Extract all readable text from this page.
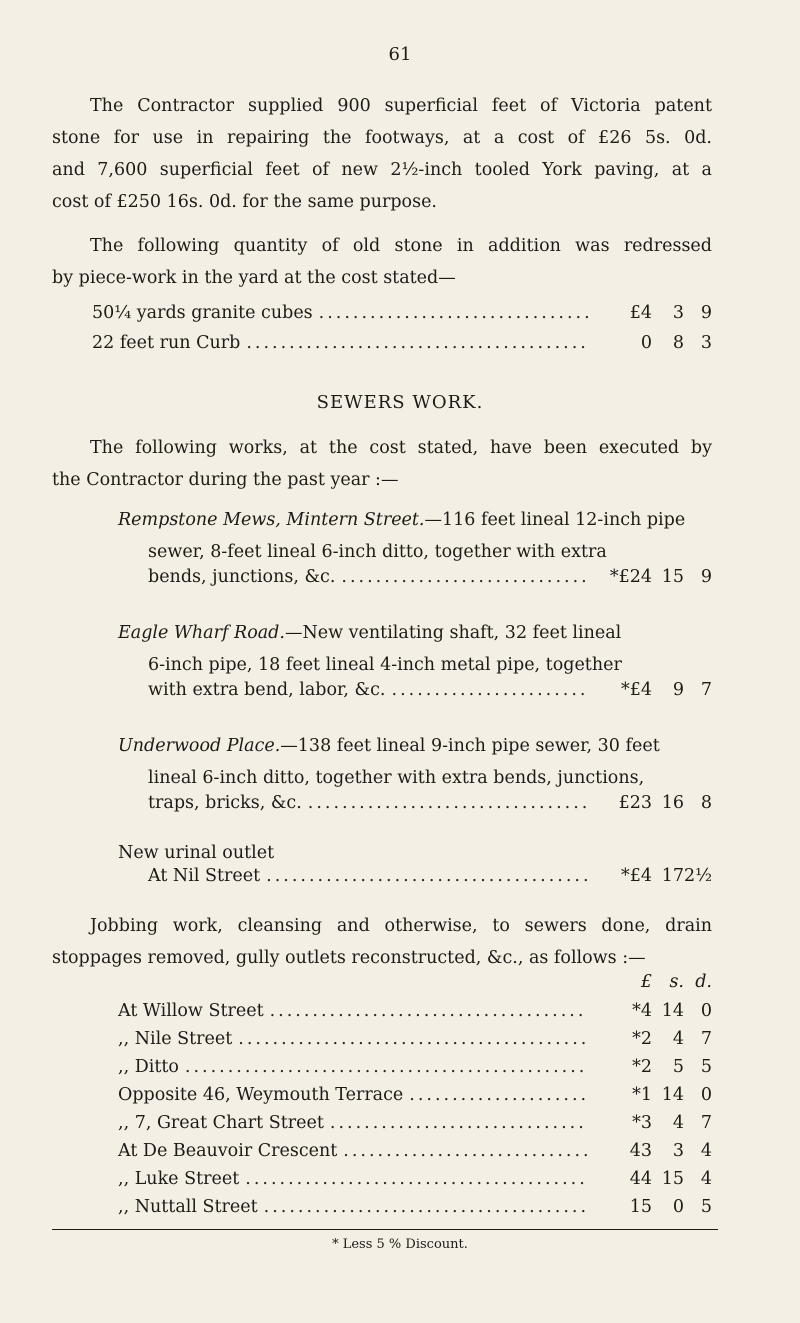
61

The Contractor supplied 900 superficial feet of Victoria patent
stone for use in repairing the footways, at a cost of £26 5s. 0d.
and 7,600 superficial feet of new 2½-inch tooled York paving, at a
cost of £250 16s. 0d. for the same purpose.

The following quantity of old stone in addition was redressed
by piece-work in the yard at the cost stated—

50¼ yards granite cubes .....	£4	3 9
22 feet run Curb .....	0	8 3
SEWERS WORK.

The following works, at the cost stated, have been executed by
the Contractor during the past year :—

Rempstone Mews, Mintern Street.—116 feet lineal 12-inch pipe
sewer, 8-feet lineal 6-inch ditto, together with extra
bends, junctions, &c. .....	*£24 15 9
Eagle Wharf Road.—New ventilating shaft, 32 feet lineal
6-inch pipe, 18 feet lineal 4-inch metal pipe, together
with extra bend, labor, &c. .....	*£4	9 7
Underwood Place.—138 feet lineal 9-inch pipe sewer, 30 feet
lineal 6-inch ditto, together with extra bends, junctions,
traps, bricks, &c. .....	£23 16 8
New urinal outlet
At Nil Street .....	*£4 17 2½

Jobbing work, cleansing and otherwise, to sewers done, drain
stoppages removed, gully outlets reconstructed, &c., as follows :—

£ s. d.
At Willow Street .....	*4 14 0
,, Nile Street .....	*2	4 7
,, Ditto .....	*2	5 5
Opposite 46, Weymouth Terrace .....	*1 14 0
,, 7, Great Chart Street .....	*3	4 7
At De Beauvoir Crescent .....	43	3 4
,, Luke Street .....	44 15 4
,, Nuttall Street .....	15	0 5
* Less 5 % Discount.
